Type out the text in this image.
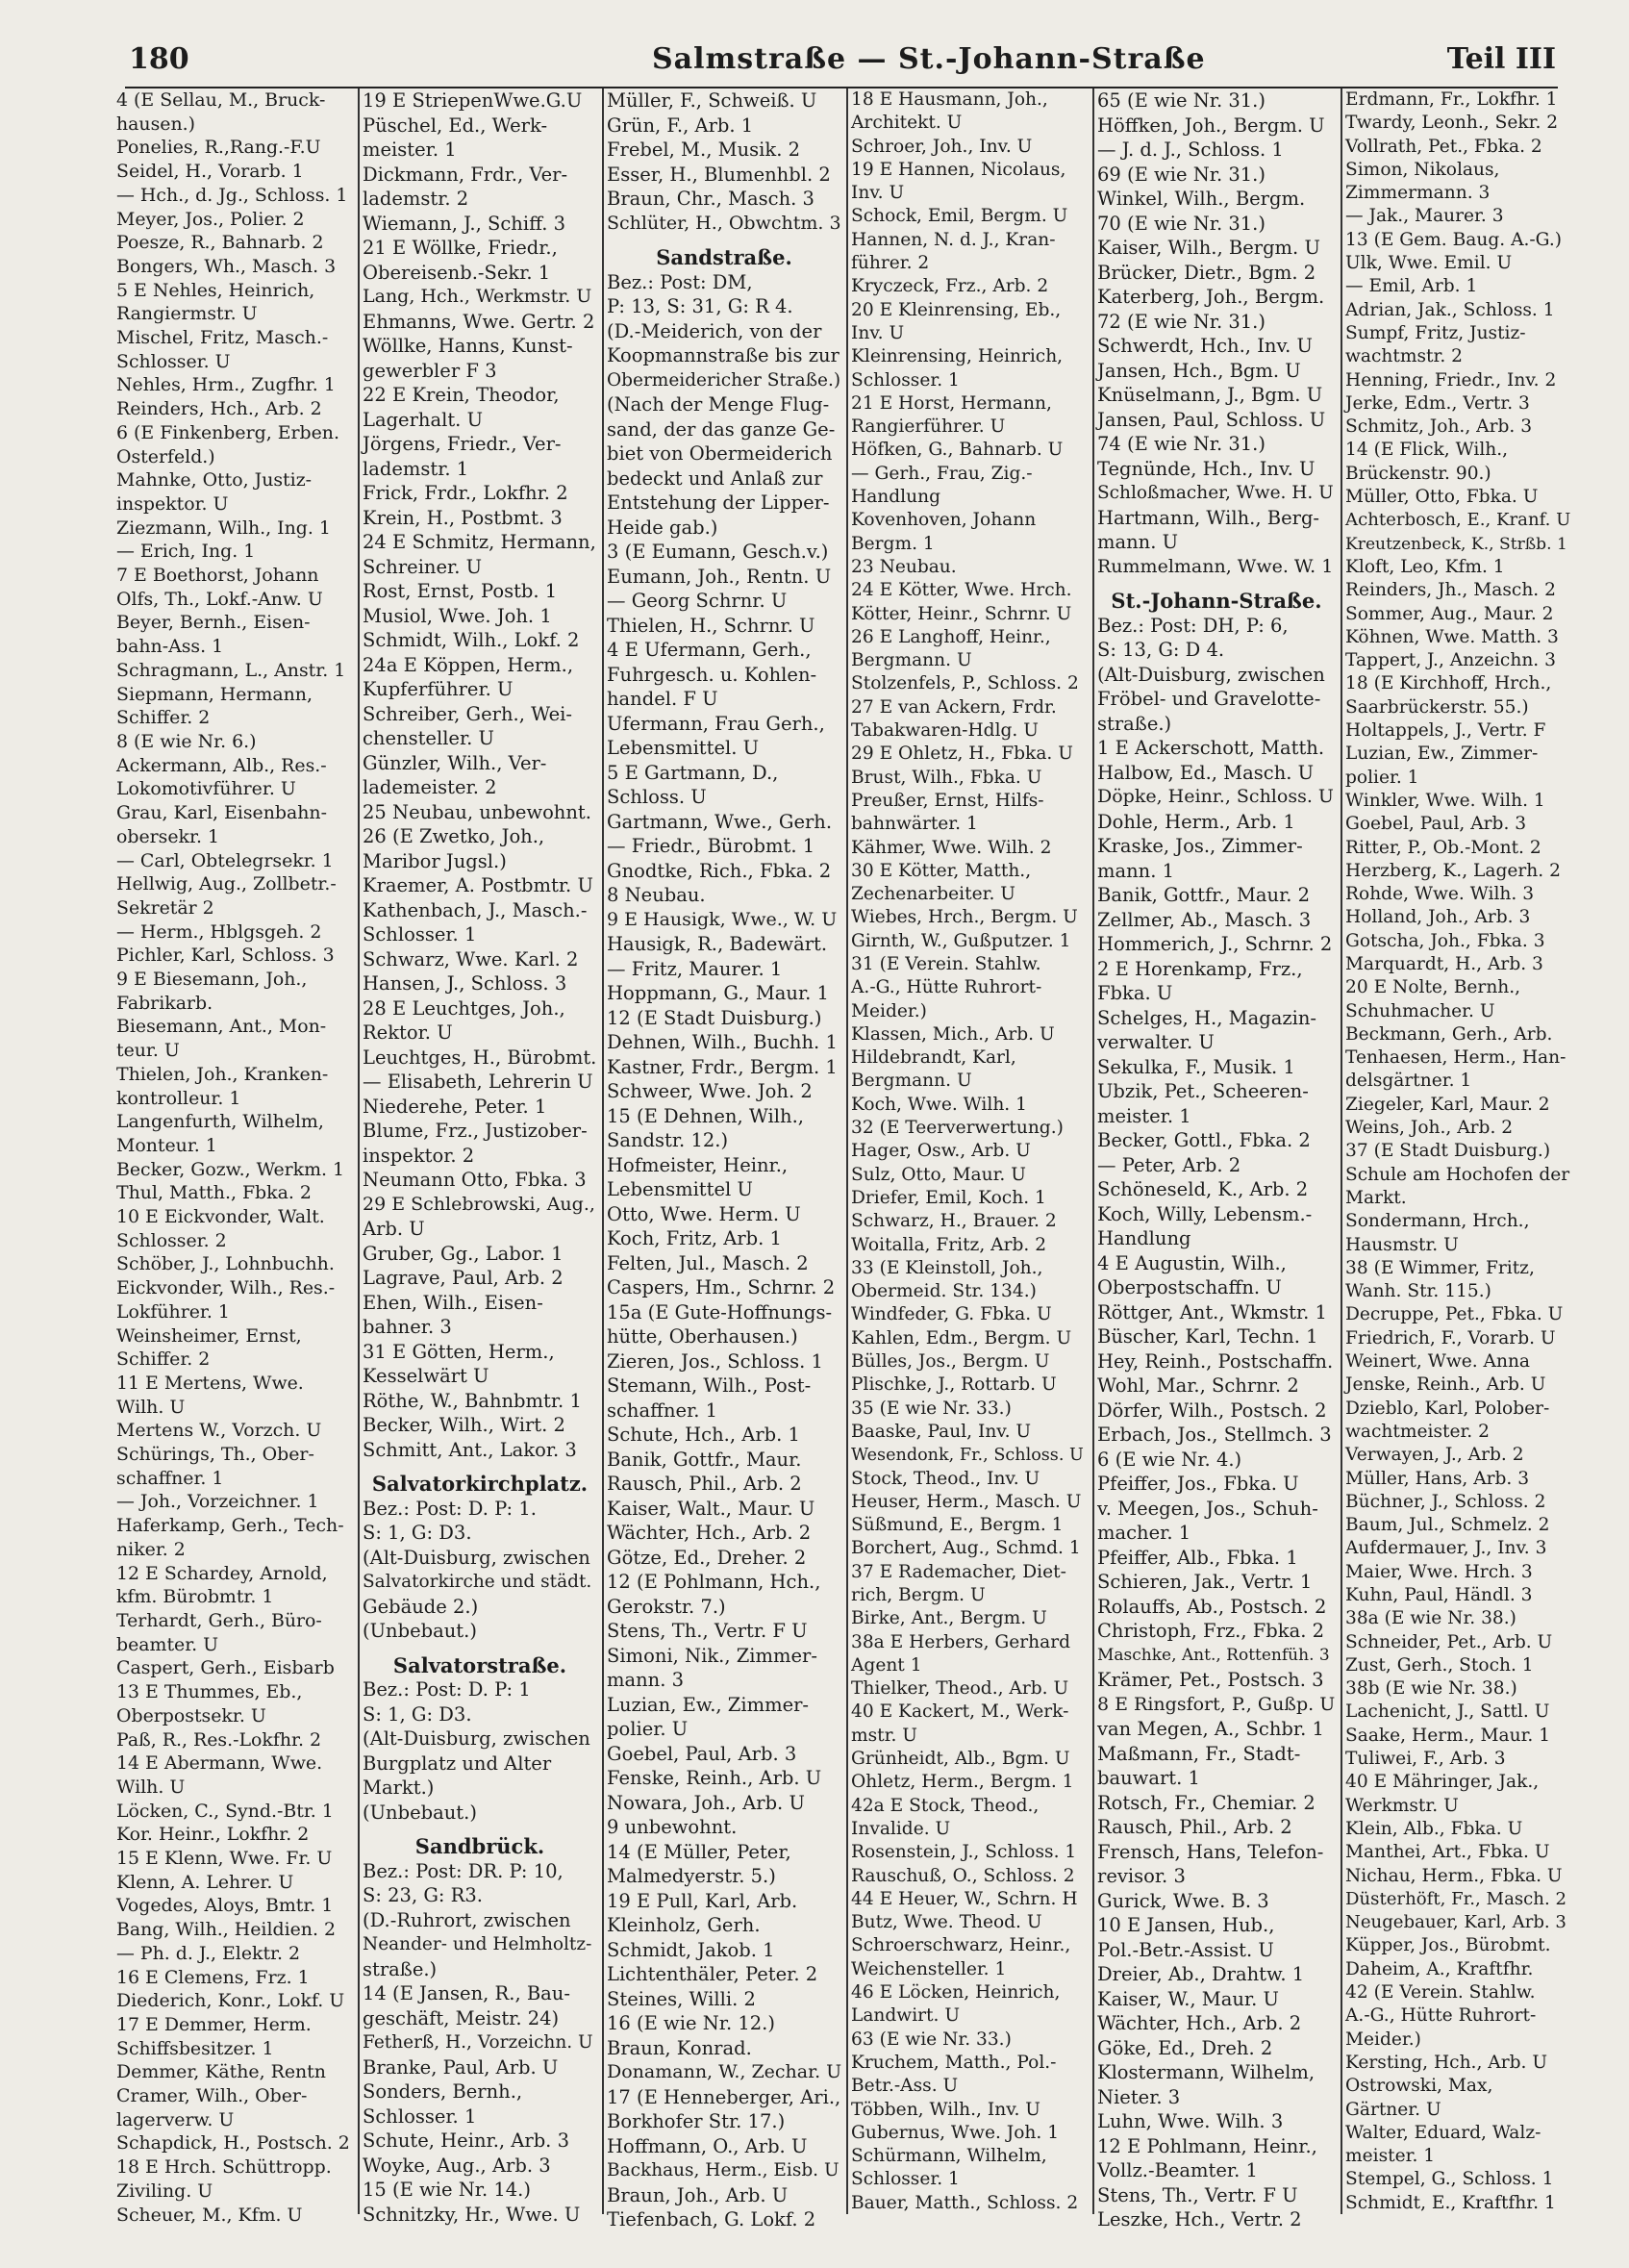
180	Salmstraße — St.-Johann-Straße	Teil III
4 (E Sellau, M., Bruck-
hausen.)
Ponelies, R.,Rang.-F.U
Seidel, H., Vorarb. 1
— Hch., d. Jg., Schloss. 1
Meyer, Jos., Polier. 2
Poesze, R., Bahnarb. 2
Bongers, Wh., Masch. 3
5 E Nehles, Heinrich,
Rangiermstr. U
Mischel, Fritz, Masch.-
Schlosser. U
Nehles, Hrm., Zugfhr. 1
Reinders, Hch., Arb. 2
6 (E Finkenberg, Erben.
Osterfeld.)
Mahnke, Otto, Justiz-
inspektor. U
Ziezmann, Wilh., Ing. 1
— Erich, Ing. 1
7 E Boethorst, Johann
Olfs, Th., Lokf.-Anw. U
Beyer, Bernh., Eisen-
bahn-Ass. 1
Schragmann, L., Anstr. 1
Siepmann, Hermann,
Schiffer. 2
8 (E wie Nr. 6.)
Ackermann, Alb., Res.-
Lokomotivführer. U
Grau, Karl, Eisenbahn-
obersekr. 1
— Carl, Obtelegrsekr. 1
Hellwig, Aug., Zollbetr.-
Sekretär 2
— Herm., Hblgsgeh. 2
Pichler, Karl, Schloss. 3
9 E Biesemann, Joh.,
Fabrikarb.
Biesemann, Ant., Mon-
teur. U
Thielen, Joh., Kranken-
kontrolleur. 1
Langenfurth, Wilhelm,
Monteur. 1
Becker, Gozw., Werkm. 1
Thul, Matth., Fbka. 2
10 E Eickvonder, Walt.
Schlosser. 2
Schöber, J., Lohnbuchh.
Eickvonder, Wilh., Res.-
Lokführer. 1
Weinsheimer, Ernst,
Schiffer. 2
11 E Mertens, Wwe.
Wilh. U
Mertens W., Vorzch. U
Schürings, Th., Ober-
schaffner. 1
— Joh., Vorzeichner. 1
Haferkamp, Gerh., Tech-
niker. 2
12 E Schardey, Arnold,
kfm. Bürobmtr. 1
Terhardt, Gerh., Büro-
beamter. U
Caspert, Gerh., Eisbarb
13 E Thummes, Eb.,
Oberpostsekr. U
Paß, R., Res.-Lokfhr. 2
14 E Abermann, Wwe.
Wilh. U
Löcken, C., Synd.-Btr. 1
Kor. Heinr., Lokfhr. 2
15 E Klenn, Wwe. Fr. U
Klenn, A. Lehrer. U
Vogedes, Aloys, Bmtr. 1
Bang, Wilh., Heildien. 2
— Ph. d. J., Elektr. 2
16 E Clemens, Frz. 1
Diederich, Konr., Lokf. U
17 E Demmer, Herm.
Schiffsbesitzer. 1
Demmer, Käthe, Rentn
Cramer, Wilh., Ober-
lagerverw. U
Schapdick, H., Postsch. 2
18 E Hrch. Schüttropp.
Ziviling. U
Scheuer, M., Kfm. U
19 E StriepenWwe.G.U
Püschel, Ed., Werk-
meister. 1
Dickmann, Frdr., Ver-
lademstr. 2
Wiemann, J., Schiff. 3
21 E Wöllke, Friedr.,
Obereisenb.-Sekr. 1
Lang, Hch., Werkmstr. U
Ehmanns, Wwe. Gertr. 2
Wöllke, Hanns, Kunst-
gewerbler F 3
22 E Krein, Theodor,
Lagerhalt. U
Jörgens, Friedr., Ver-
lademstr. 1
Frick, Frdr., Lokfhr. 2
Krein, H., Postbmt. 3
24 E Schmitz, Hermann,
Schreiner. U
Rost, Ernst, Postb. 1
Musiol, Wwe. Joh. 1
Schmidt, Wilh., Lokf. 2
24a E Köppen, Herm.,
Kupferführer. U
Schreiber, Gerh., Wei-
chensteller. U
Günzler, Wilh., Ver-
lademeister. 2
25 Neubau, unbewohnt.
26 (E Zwetko, Joh.,
Maribor Jugsl.)
Kraemer, A. Postbmtr. U
Kathenbach, J., Masch.-
Schlosser. 1
Schwarz, Wwe. Karl. 2
Hansen, J., Schloss. 3
28 E Leuchtges, Joh.,
Rektor. U
Leuchtges, H., Bürobmt.
— Elisabeth, Lehrerin U
Niederehe, Peter. 1
Blume, Frz., Justizober-
inspektor. 2
Neumann Otto, Fbka. 3
29 E Schlebrowski, Aug.,
Arb. U
Gruber, Gg., Labor. 1
Lagrave, Paul, Arb. 2
Ehen, Wilh., Eisen-
bahner. 3
31 E Götten, Herm.,
Kesselwärt U
Röthe, W., Bahnbmtr. 1
Becker, Wilh., Wirt. 2
Schmitt, Ant., Lakor. 3
Salvatorkirchplatz.
Bez.: Post: D. P: 1.
S: 1, G: D3.
(Alt-Duisburg, zwischen
Salvatorkirche und städt.
Gebäude 2.)
(Unbebaut.)
Salvatorstraße.
Bez.: Post: D. P: 1
S: 1, G: D3.
(Alt-Duisburg, zwischen
Burgplatz und Alter
Markt.)
(Unbebaut.)
Sandbrück.
Bez.: Post: DR. P: 10,
S: 23, G: R3.
(D.-Ruhrort, zwischen
Neander- und Helmholtz-
straße.)
14 (E Jansen, R., Bau-
geschäft, Meistr. 24)
Fetherß, H., Vorzeichn. U
Branke, Paul, Arb. U
Sonders, Bernh.,
Schlosser. 1
Schute, Heinr., Arb. 3
Woyke, Aug., Arb. 3
15 (E wie Nr. 14.)
Schnitzky, Hr., Wwe. U
Müller, F., Schweiß. U
Grün, F., Arb. 1
Frebel, M., Musik. 2
Esser, H., Blumenhbl. 2
Braun, Chr., Masch. 3
Schlüter, H., Obwchtm. 3
Sandstraße.
Bez.: Post: DM,
P: 13, S: 31, G: R 4.
(D.-Meiderich, von der
Koopmannstraße bis zur
Obermeidericher Straße.)
(Nach der Menge Flug-
sand, der das ganze Ge-
biet von Obermeiderich
bedeckt und Anlaß zur
Entstehung der Lipper-
Heide gab.)
3 (E Eumann, Gesch.v.)
Eumann, Joh., Rentn. U
— Georg Schrnr. U
Thielen, H., Schrnr. U
4 E Ufermann, Gerh.,
Fuhrgesch. u. Kohlen-
handel. F U
Ufermann, Frau Gerh.,
Lebensmittel. U
5 E Gartmann, D.,
Schloss. U
Gartmann, Wwe., Gerh.
— Friedr., Bürobmt. 1
Gnodtke, Rich., Fbka. 2
8 Neubau.
9 E Hausigk, Wwe., W. U
Hausigk, R., Badewärt.
— Fritz, Maurer. 1
Hoppmann, G., Maur. 1
12 (E Stadt Duisburg.)
Dehnen, Wilh., Buchh. 1
Kastner, Frdr., Bergm. 1
Schweer, Wwe. Joh. 2
15 (E Dehnen, Wilh.,
Sandstr. 12.)
Hofmeister, Heinr.,
Lebensmittel U
Otto, Wwe. Herm. U
Koch, Fritz, Arb. 1
Felten, Jul., Masch. 2
Caspers, Hm., Schrnr. 2
15a (E Gute-Hoffnungs-
hütte, Oberhausen.)
Zieren, Jos., Schloss. 1
Stemann, Wilh., Post-
schaffner. 1
Schute, Hch., Arb. 1
Banik, Gottfr., Maur.
Rausch, Phil., Arb. 2
Kaiser, Walt., Maur. U
Wächter, Hch., Arb. 2
Götze, Ed., Dreher. 2
12 (E Pohlmann, Hch.,
Gerokstr. 7.)
Stens, Th., Vertr. F U
Simoni, Nik., Zimmer-
mann. 3
Luzian, Ew., Zimmer-
polier. U
Goebel, Paul, Arb. 3
Fenske, Reinh., Arb. U
Nowara, Joh., Arb. U
9 unbewohnt.
14 (E Müller, Peter,
Malmedyerstr. 5.)
19 E Pull, Karl, Arb.
Kleinholz, Gerh.
Schmidt, Jakob. 1
Lichtenthäler, Peter. 2
Steines, Willi. 2
16 (E wie Nr. 12.)
Braun, Konrad.
Donamann, W., Zechar. U
17 (E Henneberger, Ari.,
Borkhofer Str. 17.)
Hoffmann, O., Arb. U
Backhaus, Herm., Eisb. U
Braun, Joh., Arb. U
Tiefenbach, G. Lokf. 2
18 E Hausmann, Joh.,
Architekt. U
Schroer, Joh., Inv. U
19 E Hannen, Nicolaus,
Inv. U
Schock, Emil, Bergm. U
Hannen, N. d. J., Kran-
führer. 2
Kryczeck, Frz., Arb. 2
20 E Kleinrensing, Eb.,
Inv. U
Kleinrensing, Heinrich,
Schlosser. 1
21 E Horst, Hermann,
Rangierführer. U
Höfken, G., Bahnarb. U
— Gerh., Frau, Zig.-
Handlung
Kovenhoven, Johann
Bergm. 1
23 Neubau.
24 E Kötter, Wwe. Hrch.
Kötter, Heinr., Schrnr. U
26 E Langhoff, Heinr.,
Bergmann. U
Stolzenfels, P., Schloss. 2
27 E van Ackern, Frdr.
Tabakwaren-Hdlg. U
29 E Ohletz, H., Fbka. U
Brust, Wilh., Fbka. U
Preußer, Ernst, Hilfs-
bahnwärter. 1
Kähmer, Wwe. Wilh. 2
30 E Kötter, Matth.,
Zechenarbeiter. U
Wiebes, Hrch., Bergm. U
Girnth, W., Gußputzer. 1
31 (E Verein. Stahlw.
A.-G., Hütte Ruhrort-
Meider.)
Klassen, Mich., Arb. U
Hildebrandt, Karl,
Bergmann. U
Koch, Wwe. Wilh. 1
32 (E Teerverwertung.)
Hager, Osw., Arb. U
Sulz, Otto, Maur. U
Driefer, Emil, Koch. 1
Schwarz, H., Brauer. 2
Woitalla, Fritz, Arb. 2
33 (E Kleinstoll, Joh.,
Obermeid. Str. 134.)
Windfeder, G. Fbka. U
Kahlen, Edm., Bergm. U
Bülles, Jos., Bergm. U
Plischke, J., Rottarb. U
35 (E wie Nr. 33.)
Baaske, Paul, Inv. U
Wesendonk, Fr., Schloss. U
Stock, Theod., Inv. U
Heuser, Herm., Masch. U
Süßmund, E., Bergm. 1
Borchert, Aug., Schmd. 1
37 E Rademacher, Diet-
rich, Bergm. U
Birke, Ant., Bergm. U
38a E Herbers, Gerhard
Agent 1
Thielker, Theod., Arb. U
40 E Kackert, M., Werk-
mstr. U
Grünheidt, Alb., Bgm. U
Ohletz, Herm., Bergm. 1
42a E Stock, Theod.,
Invalide. U
Rosenstein, J., Schloss. 1
Rauschuß, O., Schloss. 2
44 E Heuer, W., Schrn. H
Butz, Wwe. Theod. U
Schroerschwarz, Heinr.,
Weichensteller. 1
46 E Löcken, Heinrich,
Landwirt. U
63 (E wie Nr. 33.)
Kruchem, Matth., Pol.-
Betr.-Ass. U
Többen, Wilh., Inv. U
Gubernus, Wwe. Joh. 1
Schürmann, Wilhelm,
Schlosser. 1
Bauer, Matth., Schloss. 2
65 (E wie Nr. 31.)
Höffken, Joh., Bergm. U
— J. d. J., Schloss. 1
69 (E wie Nr. 31.)
Winkel, Wilh., Bergm.
70 (E wie Nr. 31.)
Kaiser, Wilh., Bergm. U
Brücker, Dietr., Bgm. 2
Katerberg, Joh., Bergm.
72 (E wie Nr. 31.)
Schwerdt, Hch., Inv. U
Jansen, Hch., Bgm. U
Knüselmann, J., Bgm. U
Jansen, Paul, Schloss. U
74 (E wie Nr. 31.)
Tegnünde, Hch., Inv. U
Schloßmacher, Wwe. H. U
Hartmann, Wilh., Berg-
mann. U
Rummelmann, Wwe. W. 1
St.-Johann-Straße.
Bez.: Post: DH, P: 6,
S: 13, G: D 4.
(Alt-Duisburg, zwischen
Fröbel- und Gravelotte-
straße.)
1 E Ackerschott, Matth.
Halbow, Ed., Masch. U
Döpke, Heinr., Schloss. U
Dohle, Herm., Arb. 1
Kraske, Jos., Zimmer-
mann. 1
Banik, Gottfr., Maur. 2
Zellmer, Ab., Masch. 3
Hommerich, J., Schrnr. 2
2 E Horenkamp, Frz.,
Fbka. U
Schelges, H., Magazin-
verwalter. U
Sekulka, F., Musik. 1
Ubzik, Pet., Scheeren-
meister. 1
Becker, Gottl., Fbka. 2
— Peter, Arb. 2
Schöneseld, K., Arb. 2
Koch, Willy, Lebensm.-
Handlung
4 E Augustin, Wilh.,
Oberpostschaffn. U
Röttger, Ant., Wkmstr. 1
Büscher, Karl, Techn. 1
Hey, Reinh., Postschaffn.
Wohl, Mar., Schrnr. 2
Dörfer, Wilh., Postsch. 2
Erbach, Jos., Stellmch. 3
6 (E wie Nr. 4.)
Pfeiffer, Jos., Fbka. U
v. Meegen, Jos., Schuh-
macher. 1
Pfeiffer, Alb., Fbka. 1
Schieren, Jak., Vertr. 1
Rolauffs, Ab., Postsch. 2
Christoph, Frz., Fbka. 2
Maschke, Ant., Rottenfüh. 3
Krämer, Pet., Postsch. 3
8 E Ringsfort, P., Gußp. U
van Megen, A., Schbr. 1
Maßmann, Fr., Stadt-
bauwart. 1
Rotsch, Fr., Chemiar. 2
Rausch, Phil., Arb. 2
Frensch, Hans, Telefon-
revisor. 3
Gurick, Wwe. B. 3
10 E Jansen, Hub.,
Pol.-Betr.-Assist. U
Dreier, Ab., Drahtw. 1
Kaiser, W., Maur. U
Wächter, Hch., Arb. 2
Göke, Ed., Dreh. 2
Klostermann, Wilhelm,
Nieter. 3
Luhn, Wwe. Wilh. 3
12 E Pohlmann, Heinr.,
Vollz.-Beamter. 1
Stens, Th., Vertr. F U
Leszke, Hch., Vertr. 2
Erdmann, Fr., Lokfhr. 1
Twardy, Leonh., Sekr. 2
Vollrath, Pet., Fbka. 2
Simon, Nikolaus,
Zimmermann. 3
— Jak., Maurer. 3
13 (E Gem. Baug. A.-G.)
Ulk, Wwe. Emil. U
— Emil, Arb. 1
Adrian, Jak., Schloss. 1
Sumpf, Fritz, Justiz-
wachtmstr. 2
Henning, Friedr., Inv. 2
Jerke, Edm., Vertr. 3
Schmitz, Joh., Arb. 3
14 (E Flick, Wilh.,
Brückenstr. 90.)
Müller, Otto, Fbka. U
Achterbosch, E., Kranf. U
Kreutzenbeck, K., Strßb. 1
Kloft, Leo, Kfm. 1
Reinders, Jh., Masch. 2
Sommer, Aug., Maur. 2
Köhnen, Wwe. Matth. 3
Tappert, J., Anzeichn. 3
18 (E Kirchhoff, Hrch.,
Saarbrückerstr. 55.)
Holtappels, J., Vertr. F
Luzian, Ew., Zimmer-
polier. 1
Winkler, Wwe. Wilh. 1
Goebel, Paul, Arb. 3
Ritter, P., Ob.-Mont. 2
Herzberg, K., Lagerh. 2
Rohde, Wwe. Wilh. 3
Holland, Joh., Arb. 3
Gotscha, Joh., Fbka. 3
Marquardt, H., Arb. 3
20 E Nolte, Bernh.,
Schuhmacher. U
Beckmann, Gerh., Arb.
Tenhaesen, Herm., Han-
delsgärtner. 1
Ziegeler, Karl, Maur. 2
Weins, Joh., Arb. 2
37 (E Stadt Duisburg.)
Schule am Hochofen der
Markt.
Sondermann, Hrch.,
Hausmstr. U
38 (E Wimmer, Fritz,
Wanh. Str. 115.)
Decruppe, Pet., Fbka. U
Friedrich, F., Vorarb. U
Weinert, Wwe. Anna
Jenske, Reinh., Arb. U
Dzieblo, Karl, Polober-
wachtmeister. 2
Verwayen, J., Arb. 2
Müller, Hans, Arb. 3
Büchner, J., Schloss. 2
Baum, Jul., Schmelz. 2
Aufdermauer, J., Inv. 3
Maier, Wwe. Hrch. 3
Kuhn, Paul, Händl. 3
38a (E wie Nr. 38.)
Schneider, Pet., Arb. U
Zust, Gerh., Stoch. 1
38b (E wie Nr. 38.)
Lachenicht, J., Sattl. U
Saake, Herm., Maur. 1
Tuliwei, F., Arb. 3
40 E Mähringer, Jak.,
Werkmstr. U
Klein, Alb., Fbka. U
Manthei, Art., Fbka. U
Nichau, Herm., Fbka. U
Düsterhöft, Fr., Masch. 2
Neugebauer, Karl, Arb. 3
Küpper, Jos., Bürobmt.
Daheim, A., Kraftfhr.
42 (E Verein. Stahlw.
A.-G., Hütte Ruhrort-
Meider.)
Kersting, Hch., Arb. U
Ostrowski, Max,
Gärtner. U
Walter, Eduard, Walz-
meister. 1
Stempel, G., Schloss. 1
Schmidt, E., Kraftfhr. 1
